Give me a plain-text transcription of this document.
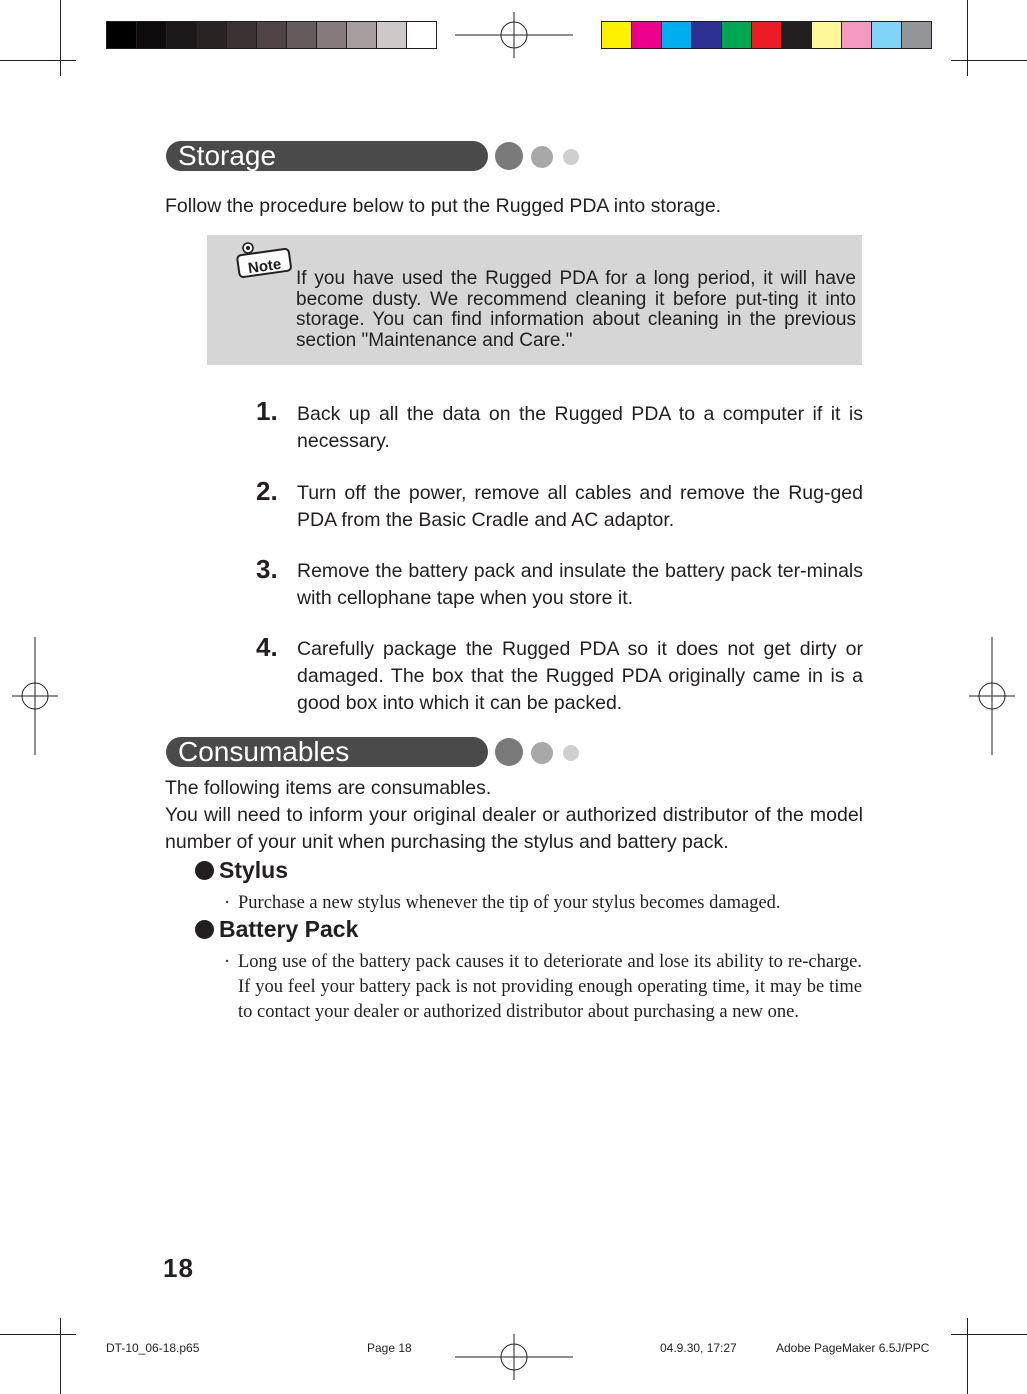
Storage
Follow the procedure below to put the Rugged PDA into storage.
Note
If you have used the Rugged PDA for a long period, it will have become dusty. We recommend cleaning it before put-ting it into storage. You can find information about cleaning in the previous section "Maintenance and Care."
1. Back up all the data on the Rugged PDA to a computer if it is necessary.
2. Turn off the power, remove all cables and remove the Rug-ged PDA from the Basic Cradle and AC adaptor.
3. Remove the battery pack and insulate the battery pack ter-minals with cellophane tape when you store it.
4. Carefully package the Rugged PDA so it does not get dirty or damaged. The box that the Rugged PDA originally came in is a good box into which it can be packed.
Consumables
The following items are consumables.
You will need to inform your original dealer or authorized distributor of the model number of your unit when purchasing the stylus and battery pack.
Stylus
· Purchase a new stylus whenever the tip of your stylus becomes damaged.
Battery Pack
· Long use of the battery pack causes it to deteriorate and lose its ability to re-charge. If you feel your battery pack is not providing enough operating time, it may be time to contact your dealer or authorized distributor about purchasing a new one.
18
DT-10_06-18.p65	Page 18	04.9.30, 17:27	Adobe PageMaker 6.5J/PPC
